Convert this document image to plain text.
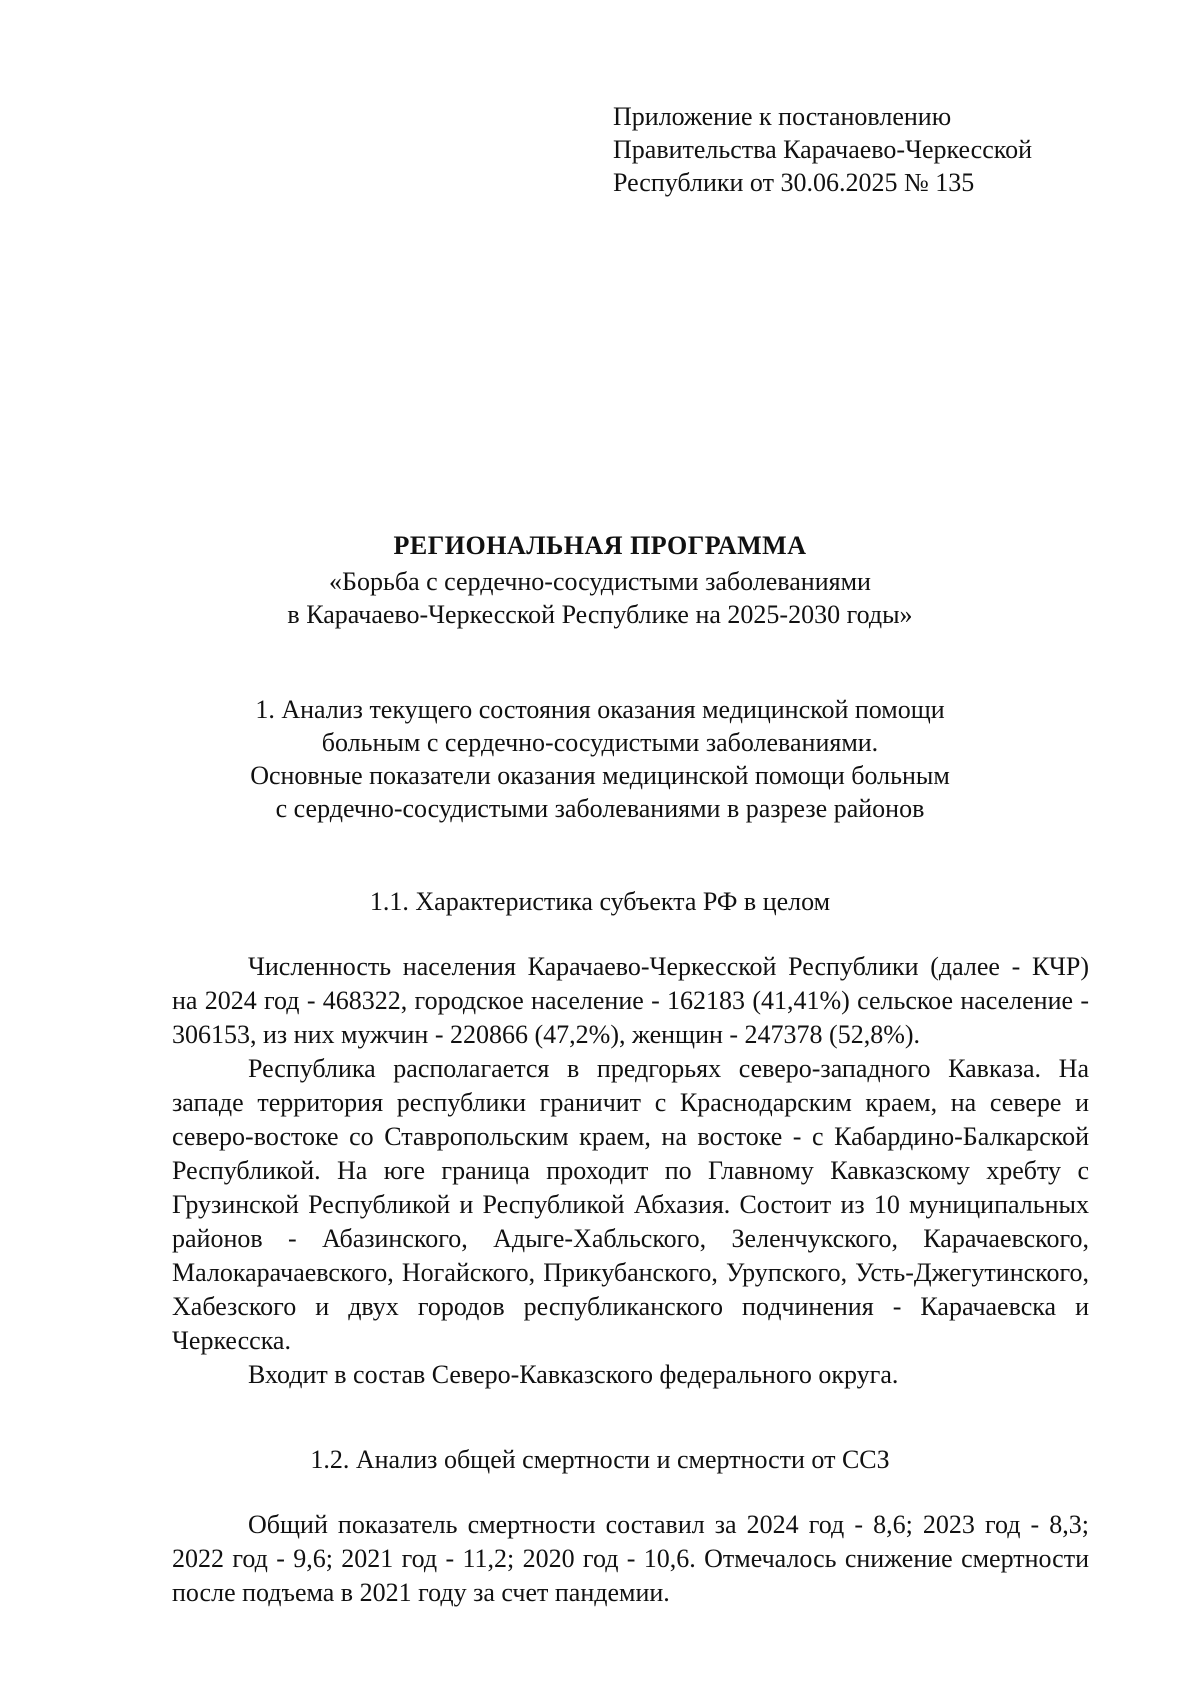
Приложение к постановлению
Правительства Карачаево-Черкесской
Республики от 30.06.2025 № 135
РЕГИОНАЛЬНАЯ ПРОГРАММА
«Борьба с сердечно-сосудистыми заболеваниями
в Карачаево-Черкесской Республике на 2025-2030 годы»
1. Анализ текущего состояния оказания медицинской помощи
больным с сердечно-сосудистыми заболеваниями.
Основные показатели оказания медицинской помощи больным
с сердечно-сосудистыми заболеваниями в разрезе районов
1.1. Характеристика субъекта РФ в целом

Численность населения Карачаево-Черкесской Республики (далее - КЧР) на 2024 год - 468322, городское население - 162183 (41,41%) сельское население - 306153, из них мужчин - 220866 (47,2%), женщин - 247378 (52,8%).

Республика располагается в предгорьях северо-западного Кавказа. На западе территория республики граничит с Краснодарским краем, на севере и северо-востоке со Ставропольским краем, на востоке - с Кабардино-Балкарской Республикой. На юге граница проходит по Главному Кавказскому хребту с Грузинской Республикой и Республикой Абхазия. Состоит из 10 муниципальных районов - Абазинского, Адыге-Хабльского, Зеленчукского, Карачаевского, Малокарачаевского, Ногайского, Прикубанского, Урупского, Усть-Джегутинского, Хабезского и двух городов республиканского подчинения - Карачаевска и Черкесска.

Входит в состав Северо-Кавказского федерального округа.

1.2. Анализ общей смертности и смертности от ССЗ

Общий показатель смертности составил за 2024 год - 8,6; 2023 год - 8,3; 2022 год - 9,6; 2021 год - 11,2; 2020 год - 10,6. Отмечалось снижение смертности после подъема в 2021 году за счет пандемии.
